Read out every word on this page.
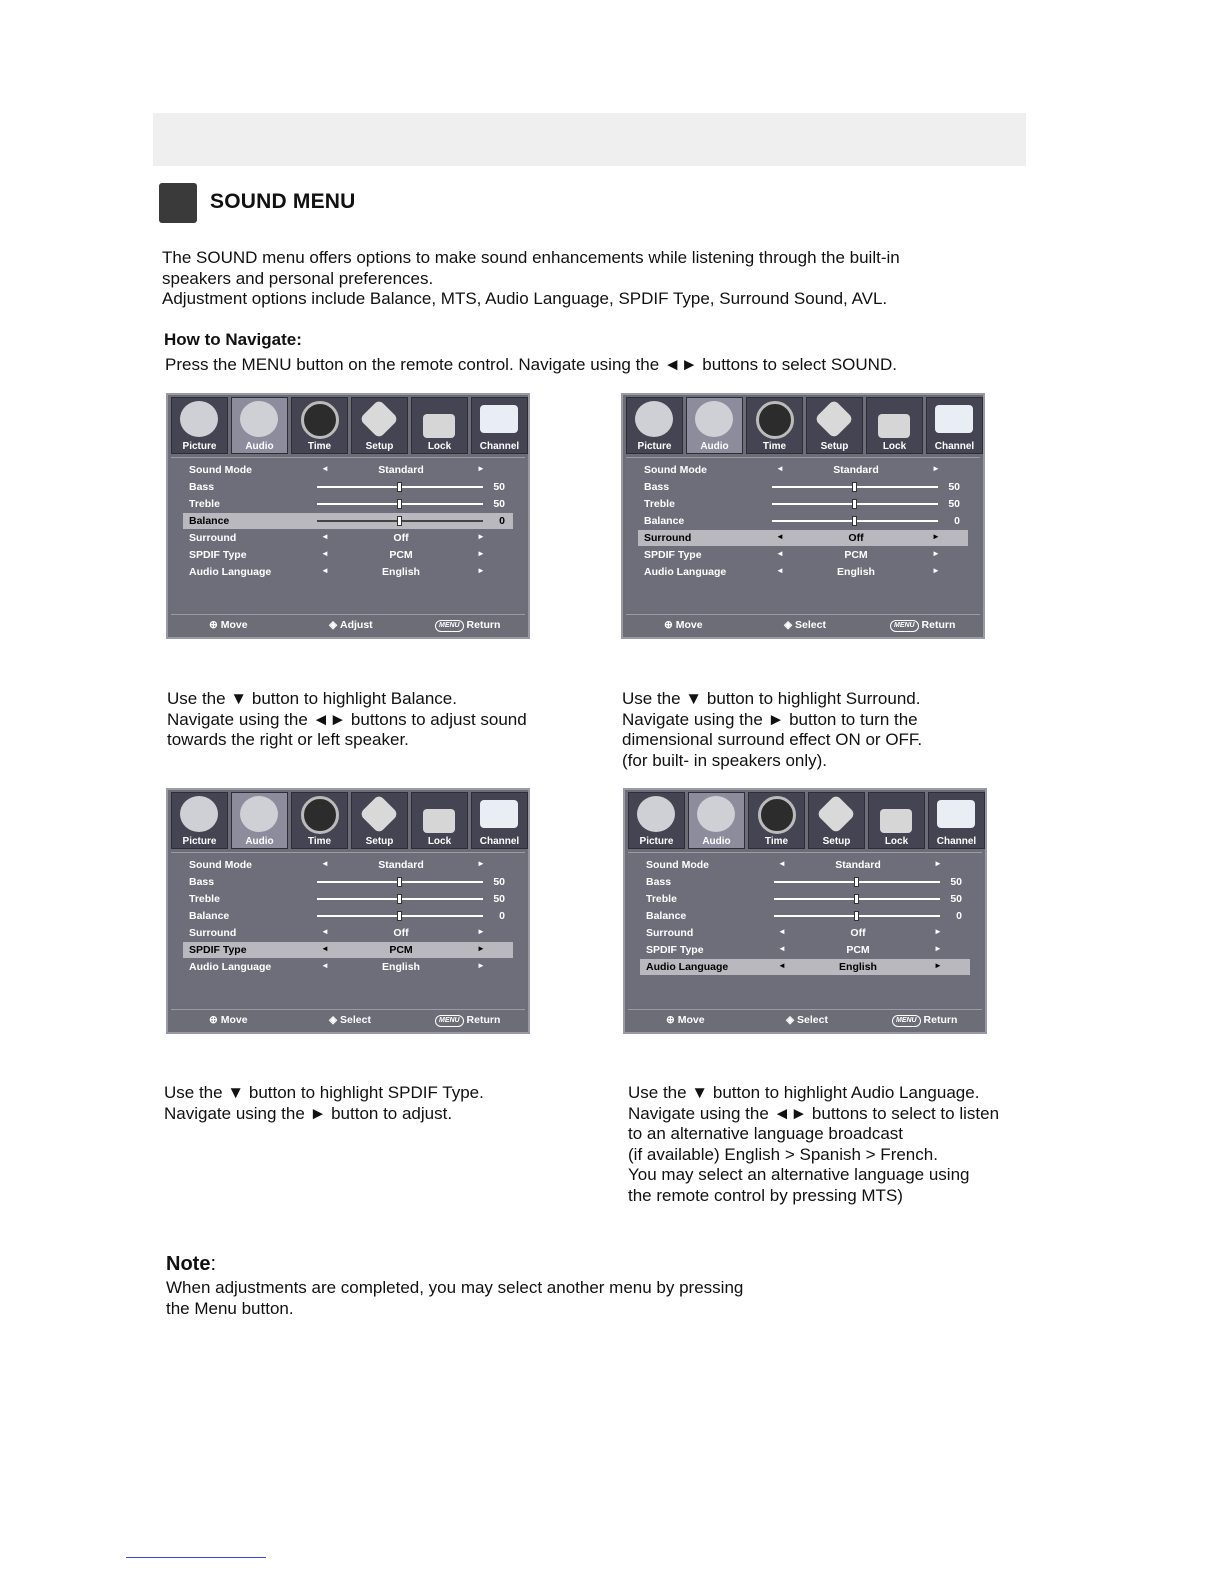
SOUND MENU
The SOUND menu offers options to make sound enhancements while listening through the built-in
speakers and personal preferences.
Adjustment options include Balance, MTS, Audio Language, SPDIF Type, Surround Sound, AVL.
How to Navigate:
Press the MENU button on the remote control. Navigate using the ◄► buttons to select SOUND.
Picture	Audio	Time	Setup	Lock	Channel
Sound Mode	◄	Standard	►
Bass	50
Treble	50
Balance	0
Surround	◄	Off	►
SPDIF Type	◄	PCM	►
Audio Language	◄	English	►
⊕ Move	◈ Adjust	MENU Return
Picture	Audio	Time	Setup	Lock	Channel
Sound Mode	◄	Standard	►
Bass	50
Treble	50
Balance	0
Surround	◄	Off	►
SPDIF Type	◄	PCM	►
Audio Language	◄	English	►
⊕ Move	◈ Select	MENU Return
Picture	Audio	Time	Setup	Lock	Channel
Sound Mode	◄	Standard	►
Bass	50
Treble	50
Balance	0
Surround	◄	Off	►
SPDIF Type	◄	PCM	►
Audio Language	◄	English	►
⊕ Move	◈ Select	MENU Return
Picture	Audio	Time	Setup	Lock	Channel
Sound Mode	◄	Standard	►
Bass	50
Treble	50
Balance	0
Surround	◄	Off	►
SPDIF Type	◄	PCM	►
Audio Language	◄	English	►
⊕ Move	◈ Select	MENU Return
Use the ▼ button to highlight Balance.
Navigate using the ◄► buttons to adjust sound
towards the right or left speaker.
Use the ▼ button to highlight Surround.
Navigate using the ► button to turn the
dimensional surround effect ON or OFF.
(for built- in speakers only).
Use the ▼ button to highlight SPDIF Type.
Navigate using the ► button to adjust.
Use the ▼ button to highlight Audio Language.
Navigate using the ◄► buttons to select to listen
to an alternative language broadcast
(if available) English > Spanish > French.
You may select an alternative language using
the remote control by pressing MTS)
Note:
When adjustments are completed, you may select another menu by pressing
the Menu button.
